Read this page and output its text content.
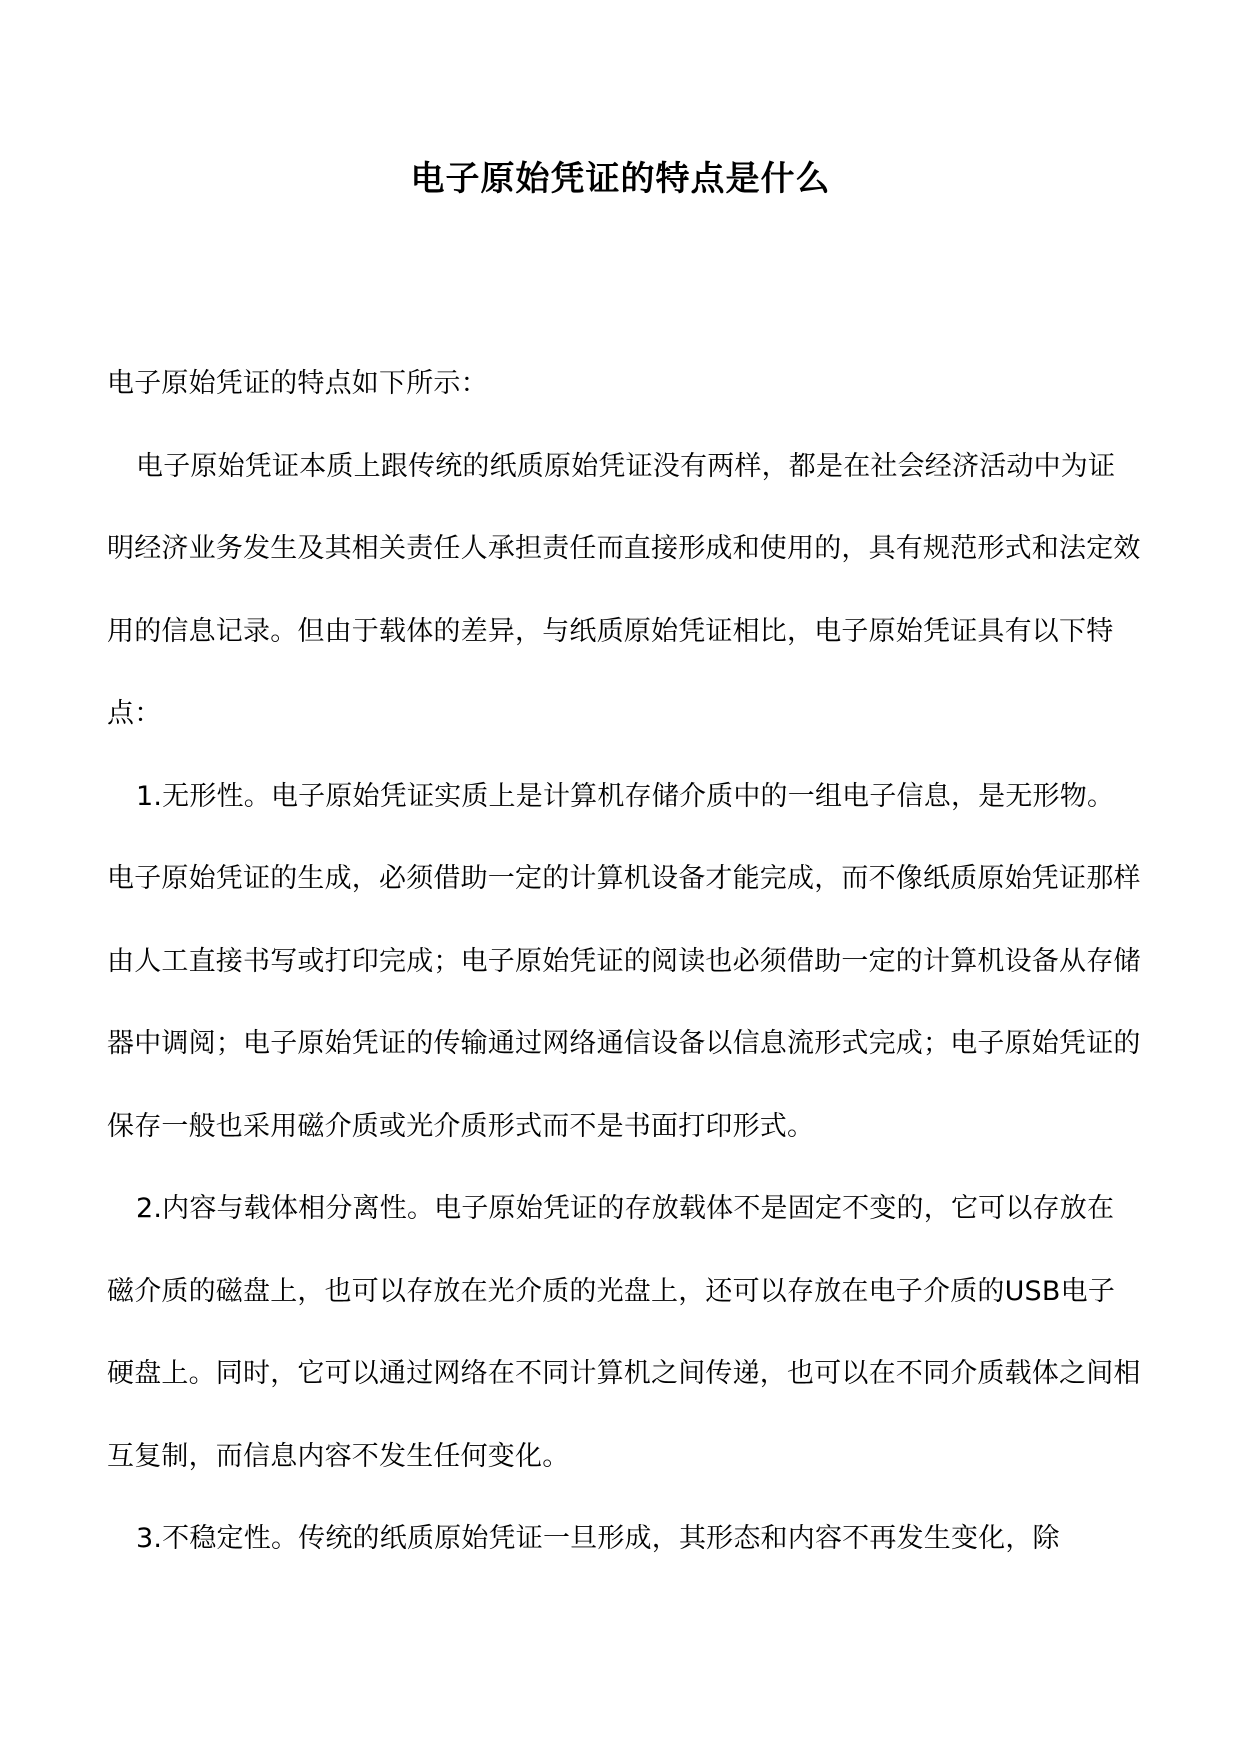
电子原始凭证的特点是什么

电子原始凭证的特点如下所示：

电子原始凭证本质上跟传统的纸质原始凭证没有两样，都是在社会经济活动中为证明经济业务发生及其相关责任人承担责任而直接形成和使用的，具有规范形式和法定效用的信息记录。但由于载体的差异，与纸质原始凭证相比，电子原始凭证具有以下特点：

1.无形性。电子原始凭证实质上是计算机存储介质中的一组电子信息，是无形物。电子原始凭证的生成，必须借助一定的计算机设备才能完成，而不像纸质原始凭证那样由人工直接书写或打印完成；电子原始凭证的阅读也必须借助一定的计算机设备从存储器中调阅；电子原始凭证的传输通过网络通信设备以信息流形式完成；电子原始凭证的保存一般也采用磁介质或光介质形式而不是书面打印形式。

2.内容与载体相分离性。电子原始凭证的存放载体不是固定不变的，它可以存放在磁介质的磁盘上，也可以存放在光介质的光盘上，还可以存放在电子介质的USB电子硬盘上。同时，它可以通过网络在不同计算机之间传递，也可以在不同介质载体之间相互复制，而信息内容不发生任何变化。

3.不稳定性。传统的纸质原始凭证一旦形成，其形态和内容不再发生变化，除
